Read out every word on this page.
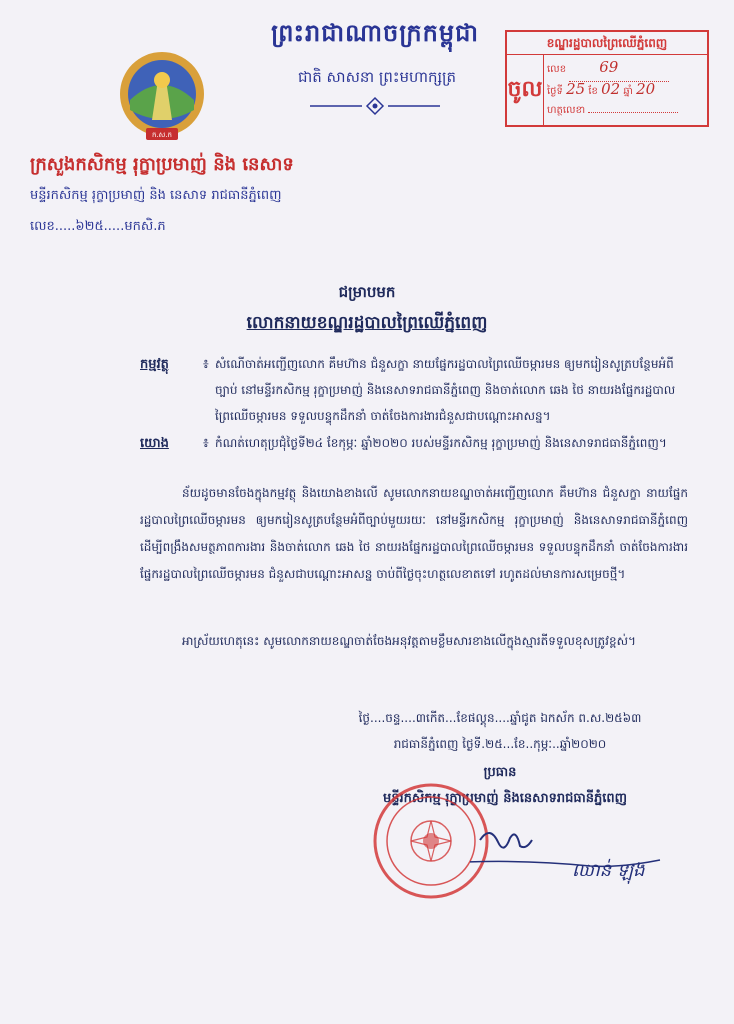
ក.ស.ក
ព្រះរាជាណាចក្រកម្ពុជា
ជាតិ សាសនា ព្រះមហាក្សត្រ
ខណ្ឌរដ្ឋបាលព្រៃឈើភ្នំពេញ
ចូល
លេខ 69
ថ្ងៃទី 25 ខែ 02 ឆ្នាំ 20
ហត្ថលេខា
ក្រសួងកសិកម្ម រុក្ខាប្រមាញ់ និង នេសាទ
មន្ទីរកសិកម្ម រុក្ខាប្រមាញ់ និង នេសាទ រាជធានីភ្នំពេញ
លេខ.....៦២៥.....មកសិ.ភ
ជម្រាបមក
លោកនាយខណ្ឌរដ្ឋបាលព្រៃឈើភ្នំពេញ
កម្មវត្ថុ	៖ សំណើចាត់អញ្ជើញលោក គឹមហ៊ាន ជំនួសក្ខា នាយផ្នែករដ្ឋបាលព្រៃឈើចម្ការមន ឲ្យមករៀនសូត្របន្ថែមអំពីច្បាប់ នៅមន្ទីរកសិកម្ម រុក្ខាប្រមាញ់ និងនេសាទរាជធានីភ្នំពេញ និងចាត់លោក ឆេង ថៃ នាយរងផ្នែករដ្ឋបាលព្រៃឈើចម្ការមន ទទួលបន្ទុកដឹកនាំ ចាត់ចែងការងារជំនួសជាបណ្តោះអាសន្ន។
យោង	៖ កំណត់ហេតុប្រជុំថ្ងៃទី២៤ ខែកុម្ភៈ ឆ្នាំ២០២០ របស់មន្ទីរកសិកម្ម រុក្ខាប្រមាញ់ និងនេសាទរាជធានីភ្នំពេញ។
ន័យដូចមានចែងក្នុងកម្មវត្ថុ និងយោងខាងលើ សូមលោកនាយខណ្ឌចាត់អញ្ជើញលោក គឹមហ៊ាន ជំនួសក្ខា នាយផ្នែករដ្ឋបាលព្រៃឈើចម្ការមន ឲ្យមករៀនសូត្របន្ថែមអំពីច្បាប់មួយរយៈ នៅមន្ទីរកសិកម្ម រុក្ខាប្រមាញ់ និងនេសាទរាជធានីភ្នំពេញ ដើម្បីពង្រឹងសមត្ថភាពការងារ និងចាត់លោក ឆេង ថៃ នាយរងផ្នែករដ្ឋបាលព្រៃឈើចម្ការមន ទទួលបន្ទុកដឹកនាំ ចាត់ចែងការងារផ្នែករដ្ឋបាលព្រៃឈើចម្ការមន ជំនួសជាបណ្តោះអាសន្ន ចាប់ពីថ្ងៃចុះហត្ថលេខាតទៅ រហូតដល់មានការសម្រេចថ្មី។
អាស្រ័យហេតុនេះ សូមលោកនាយខណ្ឌចាត់ចែងអនុវត្តតាមខ្លឹមសារខាងលើក្នុងស្មារតីទទួលខុសត្រូវខ្ពស់។
ថ្ងៃ....ចន្ទ....៣កើត...ខែផល្គុន....ឆ្នាំជូត ឯកស័ក ព.ស.២៥៦៣
រាជធានីភ្នំពេញ ថ្ងៃទី.២៥...ខែ..កុម្ភៈ..ឆ្នាំ២០២០
ប្រធាន
មន្ទីរកសិកម្ម រុក្ខាប្រមាញ់ និងនេសាទរាជធានីភ្នំពេញ
ឈាន់ ឡុង
